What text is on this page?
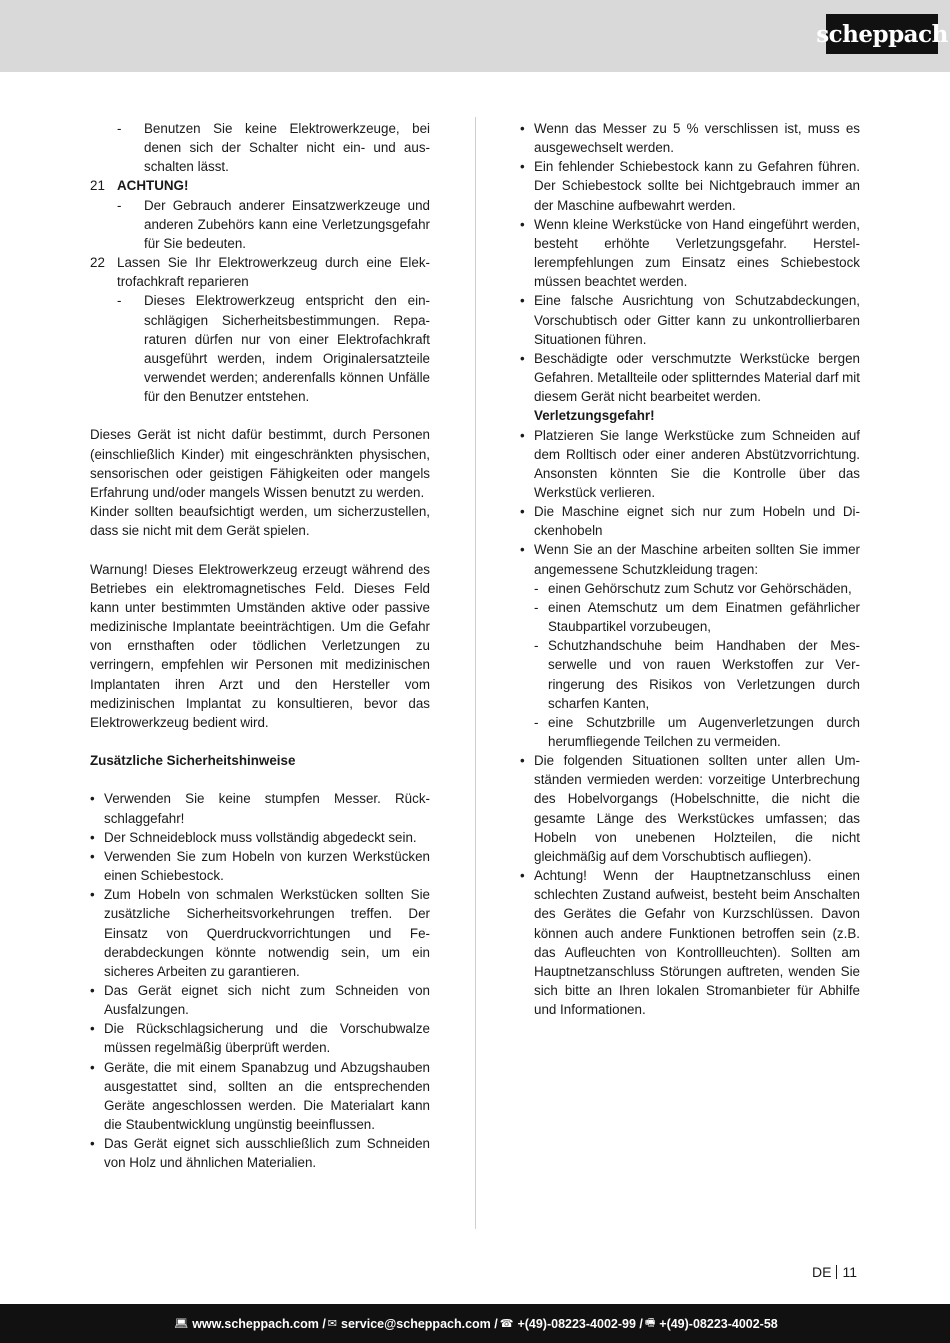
scheppach
-	Benutzen Sie keine Elektrowerkzeuge, bei denen sich der Schalter nicht ein- und ausschalten lässt.
21 ACHTUNG!
-	Der Gebrauch anderer Einsatzwerkzeuge und anderen Zubehörs kann eine Verletzungsgefahr für Sie bedeuten.
22 Lassen Sie Ihr Elektrowerkzeug durch eine Elektrofachkraft reparieren
-	Dieses Elektrowerkzeug entspricht den einschlägigen Sicherheitsbestimmungen. Reparaturen dürfen nur von einer Elektrofachkraft ausgeführt werden, indem Originalersatzteile verwendet werden; anderenfalls können Unfälle für den Benutzer entstehen.
Dieses Gerät ist nicht dafür bestimmt, durch Personen (einschließlich Kinder) mit eingeschränkten physischen, sensorischen oder geistigen Fähigkeiten oder mangels Erfahrung und/oder mangels Wissen benutzt zu werden.
Kinder sollten beaufsichtigt werden, um sicherzustellen, dass sie nicht mit dem Gerät spielen.
Warnung! Dieses Elektrowerkzeug erzeugt während des Betriebes ein elektromagnetisches Feld. Dieses Feld kann unter bestimmten Umständen aktive oder passive medizinische Implantate beeinträchtigen. Um die Gefahr von ernsthaften oder tödlichen Verletzungen zu verringern, empfehlen wir Personen mit medizinischen Implantaten ihren Arzt und den Hersteller vom medizinischen Implantat zu konsultieren, bevor das Elektrowerkzeug bedient wird.
Zusätzliche Sicherheitshinweise
• Verwenden Sie keine stumpfen Messer. Rückschlaggefahr!
• Der Schneideblock muss vollständig abgedeckt sein.
• Verwenden Sie zum Hobeln von kurzen Werkstücken einen Schiebestock.
• Zum Hobeln von schmalen Werkstücken sollten Sie zusätzliche Sicherheitsvorkehrungen treffen. Der Einsatz von Querdruckvorrichtungen und Federabdeckungen könnte notwendig sein, um ein sicheres Arbeiten zu garantieren.
• Das Gerät eignet sich nicht zum Schneiden von Ausfalzungen.
• Die Rückschlagsicherung und die Vorschubwalze müssen regelmäßig überprüft werden.
• Geräte, die mit einem Spanabzug und Abzugshauben ausgestattet sind, sollten an die entsprechenden Geräte angeschlossen werden. Die Materialart kann die Staubentwicklung ungünstig beeinflussen.
• Das Gerät eignet sich ausschließlich zum Schneiden von Holz und ähnlichen Materialien.
• Wenn das Messer zu 5 % verschlissen ist, muss es ausgewechselt werden.
• Ein fehlender Schiebestock kann zu Gefahren führen. Der Schiebestock sollte bei Nichtgebrauch immer an der Maschine aufbewahrt werden.
• Wenn kleine Werkstücke von Hand eingeführt werden, besteht erhöhte Verletzungsgefahr. Herstellerempfehlungen zum Einsatz eines Schiebestock müssen beachtet werden.
• Eine falsche Ausrichtung von Schutzabdeckungen, Vorschubtisch oder Gitter kann zu unkontrollierbaren Situationen führen.
• Beschädigte oder verschmutzte Werkstücke bergen Gefahren. Metallteile oder splitterndes Material darf mit diesem Gerät nicht bearbeitet werden.
Verletzungsgefahr!
• Platzieren Sie lange Werkstücke zum Schneiden auf dem Rolltisch oder einer anderen Abstützvorrichtung. Ansonsten könnten Sie die Kontrolle über das Werkstück verlieren.
• Die Maschine eignet sich nur zum Hobeln und Dickenhobeln
• Wenn Sie an der Maschine arbeiten sollten Sie immer angemessene Schutzkleidung tragen:
- einen Gehörschutz zum Schutz vor Gehörschäden,
- einen Atemschutz um dem Einatmen gefährlicher Staubpartikel vorzubeugen,
- Schutzhandschuhe beim Handhaben der Messerwelle und von rauen Werkstoffen zur Verringerung des Risikos von Verletzungen durch scharfen Kanten,
- eine Schutzbrille um Augenverletzungen durch herumfliegende Teilchen zu vermeiden.
• Die folgenden Situationen sollten unter allen Umständen vermieden werden: vorzeitige Unterbrechung des Hobelvorgangs (Hobelschnitte, die nicht die gesamte Länge des Werkstückes umfassen; das Hobeln von unebenen Holzteilen, die nicht gleichmäßig auf dem Vorschubtisch aufliegen).
• Achtung! Wenn der Hauptnetzanschluss einen schlechten Zustand aufweist, besteht beim Anschalten des Gerätes die Gefahr von Kurzschlüssen. Davon können auch andere Funktionen betroffen sein (z.B. das Aufleuchten von Kontrollleuchten). Sollten am Hauptnetzanschluss Störungen auftreten, wenden Sie sich bitte an Ihren lokalen Stromanbieter für Abhilfe und Informationen.
DE 11
💻︎ www.scheppach.com / ✉ service@scheppach.com / ☎ +(49)-08223-4002-99 / 🖷︎ +(49)-08223-4002-58
